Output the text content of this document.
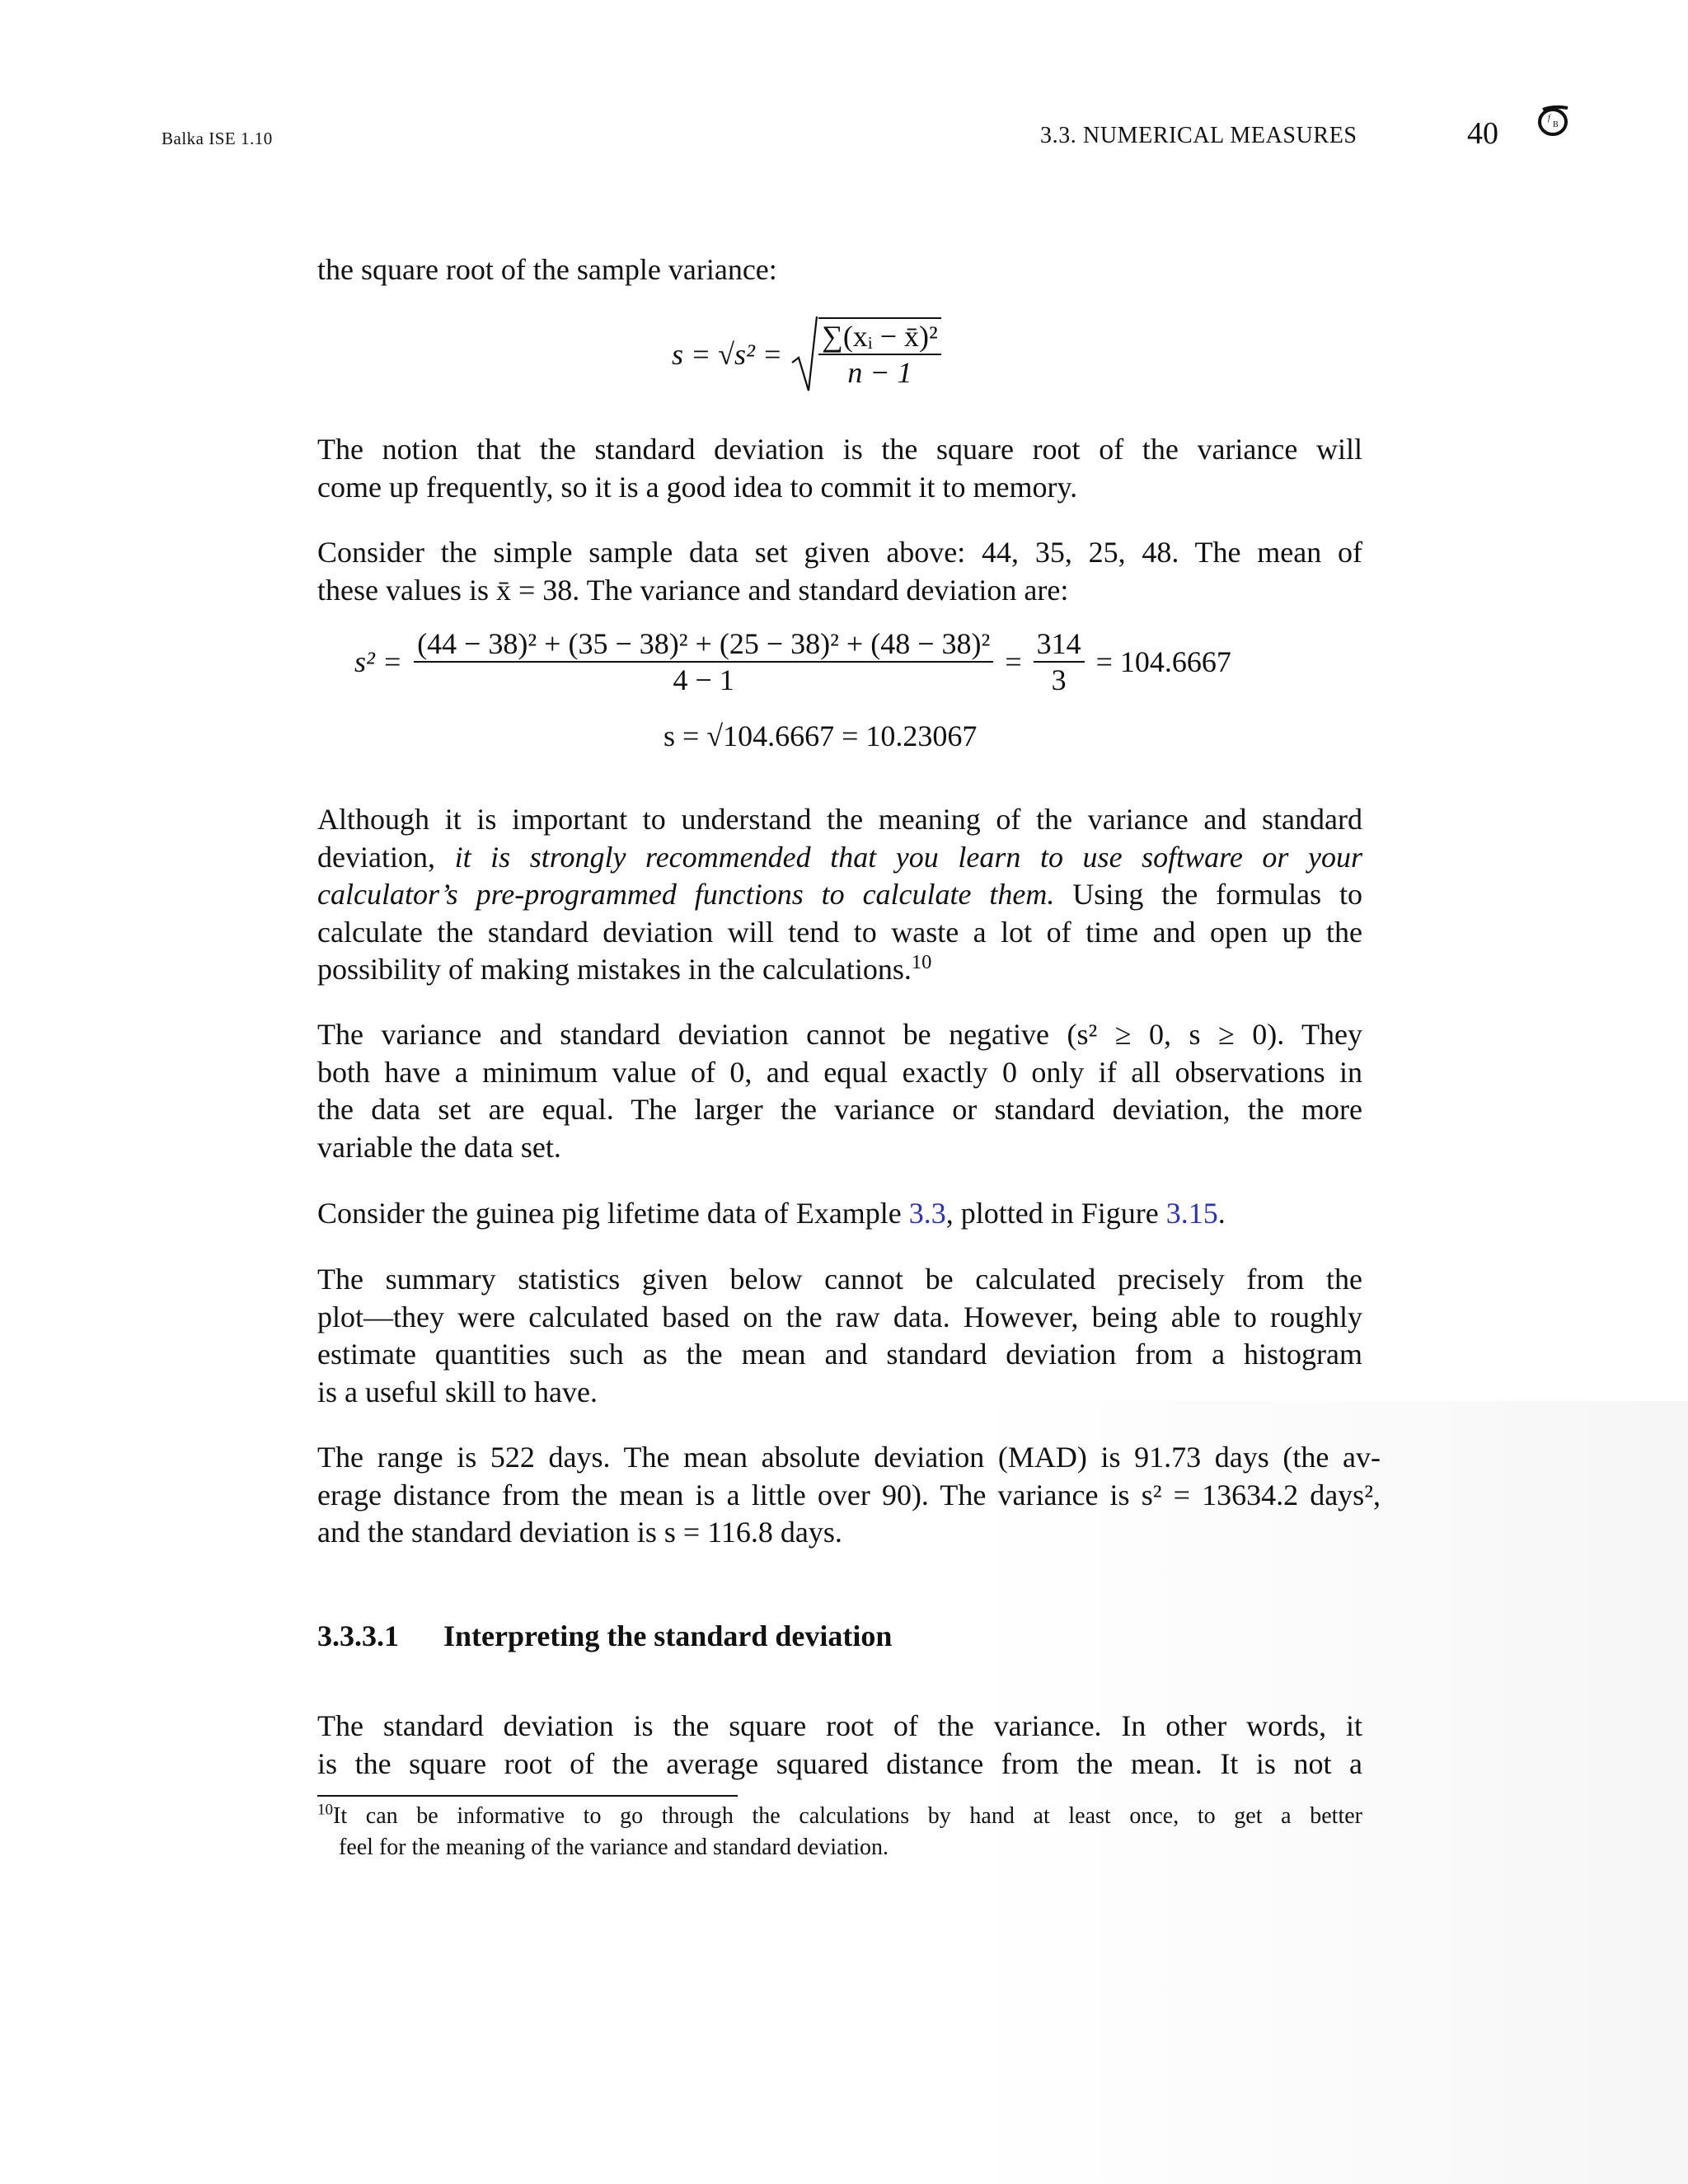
Balka ISE 1.10	3.3. NUMERICAL MEASURES	40	f
B
the square root of the sample variance:
$s = √s^2 = \frac{\text{∑(xᵢ − x̄)²}}{n - 1}$
The notion that the standard deviation is the square root of the variance will
come up frequently, so it is a good idea to commit it to memory.
Consider the simple sample data set given above: 44, 35, 25, 48. The mean of
these values is x̄ = 38. The variance and standard deviation are:
$s^2 = \frac{\text{(44 − 38)² + (35 − 38)² + (25 − 38)² + (48 − 38)²}}{4 - 1} = \frac{314}{3} = 104.6667$
s = √104.6667 = 10.23067
Although it is important to understand the meaning of the variance and standard
deviation, it is strongly recommended that you learn to use software or your
calculator’s pre-programmed functions to calculate them. Using the formulas to
calculate the standard deviation will tend to waste a lot of time and open up the
possibility of making mistakes in the calculations.$^{10}$
The variance and standard deviation cannot be negative (s² ≥ 0, s ≥ 0). They
both have a minimum value of 0, and equal exactly 0 only if all observations in
the data set are equal. The larger the variance or standard deviation, the more
variable the data set.
Consider the guinea pig lifetime data of Example 3.3, plotted in Figure 3.15.
The summary statistics given below cannot be calculated precisely from the
plot—they were calculated based on the raw data. However, being able to roughly
estimate quantities such as the mean and standard deviation from a histogram
is a useful skill to have.
The range is 522 days. The mean absolute deviation (MAD) is 91.73 days (the av-
erage distance from the mean is a little over 90). The variance is s² = 13634.2 days²,
and the standard deviation is s = 116.8 days.
3.3.3.1 Interpreting the standard deviation
The standard deviation is the square root of the variance. In other words, it
is the square root of the average squared distance from the mean. It is not a
$^{10}$It can be informative to go through the calculations by hand at least once, to get a better
feel for the meaning of the variance and standard deviation.
